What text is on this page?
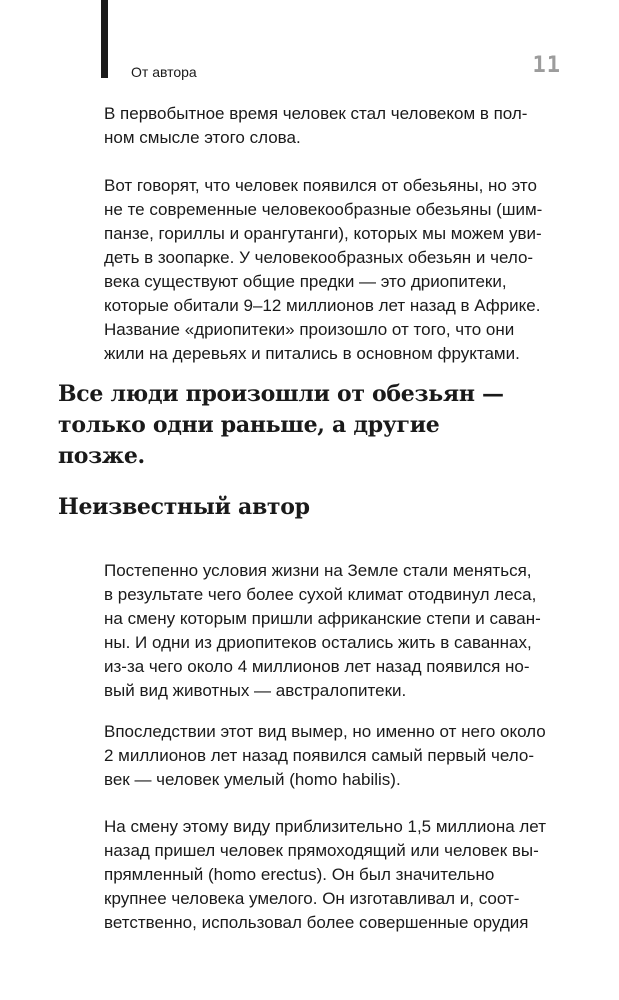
От автора	11
В первобытное время человек стал человеком в пол-
ном смысле этого слова.
Вот говорят, что человек появился от обезьяны, но это
не те современные человекообразные обезьяны (шим-
панзе, гориллы и орангутанги), которых мы можем уви-
деть в зоопарке. У человекообразных обезьян и чело-
века существуют общие предки — это дриопитеки,
которые обитали 9–12 миллионов лет назад в Африке.
Название «дриопитеки» произошло от того, что они
жили на деревьях и питались в основном фруктами.
Все люди произошли от обезьян —
только одни раньше, а другие
позже.
Неизвестный автор
Постепенно условия жизни на Земле стали меняться,
в результате чего более сухой климат отодвинул леса,
на смену которым пришли африканские степи и саван-
ны. И одни из дриопитеков остались жить в саваннах,
из-за чего около 4 миллионов лет назад появился но-
вый вид животных — австралопитеки.
Впоследствии этот вид вымер, но именно от него около
2 миллионов лет назад появился самый первый чело-
век — человек умелый (homo habilis).
На смену этому виду приблизительно 1,5 миллиона лет
назад пришел человек прямоходящий или человек вы-
прямленный (homo erectus). Он был значительно
крупнее человека умелого. Он изготавливал и, соот-
ветственно, использовал более совершенные орудия
